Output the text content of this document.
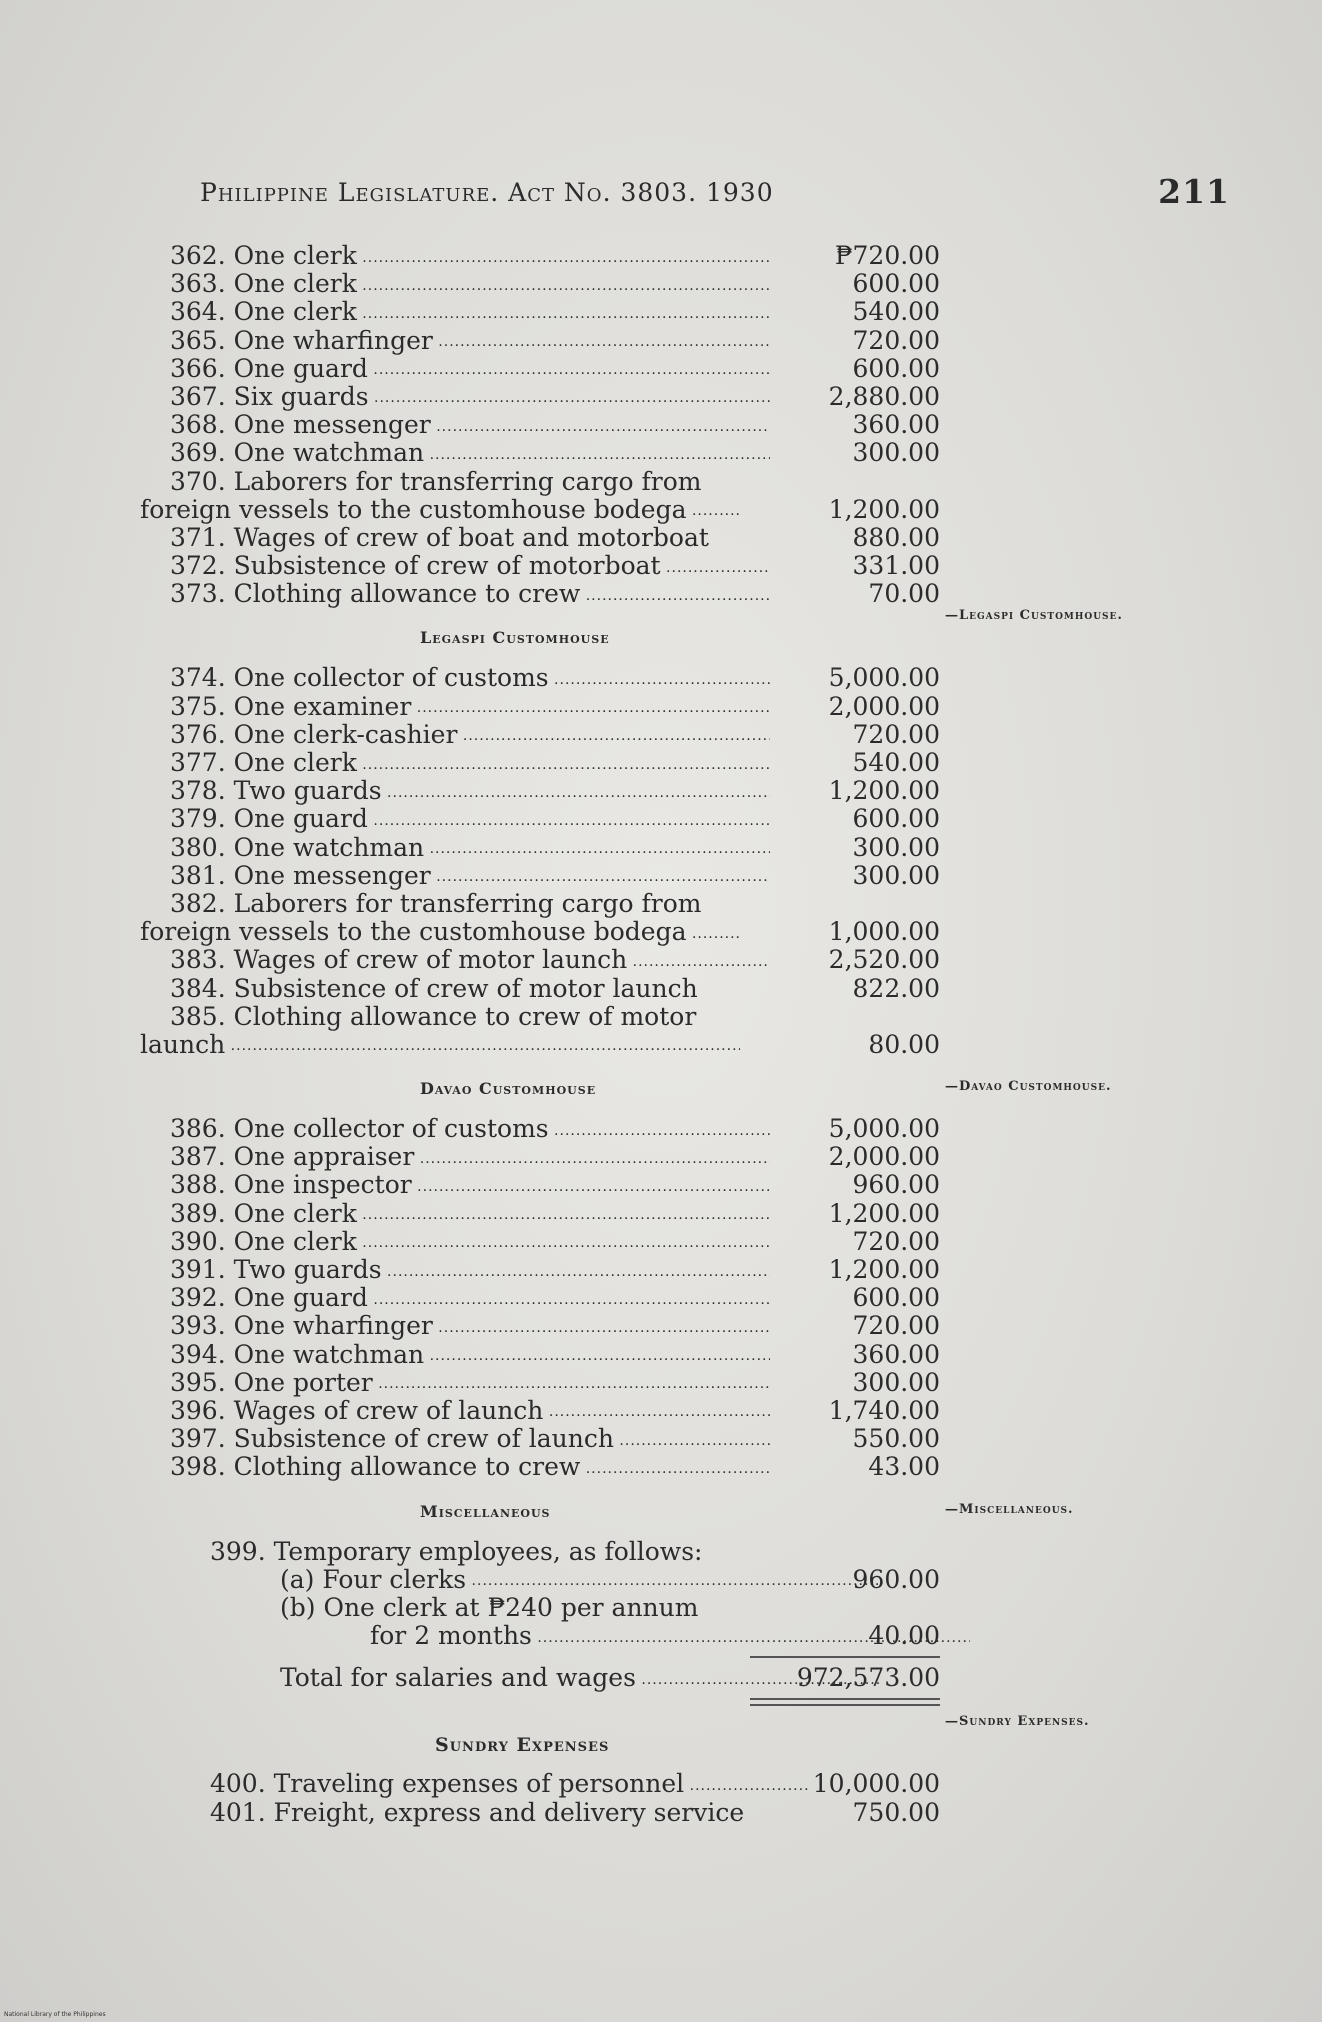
Philippine Legislature. Act No. 3803. 1930	211
362. One clerk .....	₱720.00
363. One clerk .....	600.00
364. One clerk .....	540.00
365. One wharfinger .....	720.00
366. One guard .....	600.00
367. Six guards .....	2,880.00
368. One messenger .....	360.00
369. One watchman .....	300.00
370. Laborers for transferring cargo from
foreign vessels to the customhouse bodega .....	1,200.00
371. Wages of crew of boat and motorboat	880.00
372. Subsistence of crew of motorboat .....	331.00
373. Clothing allowance to crew .....	70.00
Legaspi Customhouse
—Legaspi Customhouse.
374. One collector of customs .....	5,000.00
375. One examiner .....	2,000.00
376. One clerk-cashier .....	720.00
377. One clerk .....	540.00
378. Two guards .....	1,200.00
379. One guard .....	600.00
380. One watchman .....	300.00
381. One messenger .....	300.00
382. Laborers for transferring cargo from
foreign vessels to the customhouse bodega .....	1,000.00
383. Wages of crew of motor launch .....	2,520.00
384. Subsistence of crew of motor launch	822.00
385. Clothing allowance to crew of motor
launch .....	80.00
Davao Customhouse	—Davao Customhouse.
386. One collector of customs .....	5,000.00
387. One appraiser .....	2,000.00
388. One inspector .....	960.00
389. One clerk .....	1,200.00
390. One clerk .....	720.00
391. Two guards .....	1,200.00
392. One guard .....	600.00
393. One wharfinger .....	720.00
394. One watchman .....	360.00
395. One porter .....	300.00
396. Wages of crew of launch .....	1,740.00
397. Subsistence of crew of launch .....	550.00
398. Clothing allowance to crew .....	43.00
Miscellaneous	—Miscellaneous.
399. Temporary employees, as follows:
(a) Four clerks .....	960.00
(b) One clerk at ₱240 per annum
for 2 months .....	40.00
Total for salaries and wages .....	972,573.00
Sundry Expenses
—Sundry Expenses.
400. Traveling expenses of personnel .....	10,000.00
401. Freight, express and delivery service	750.00
National Library of the Philippines
